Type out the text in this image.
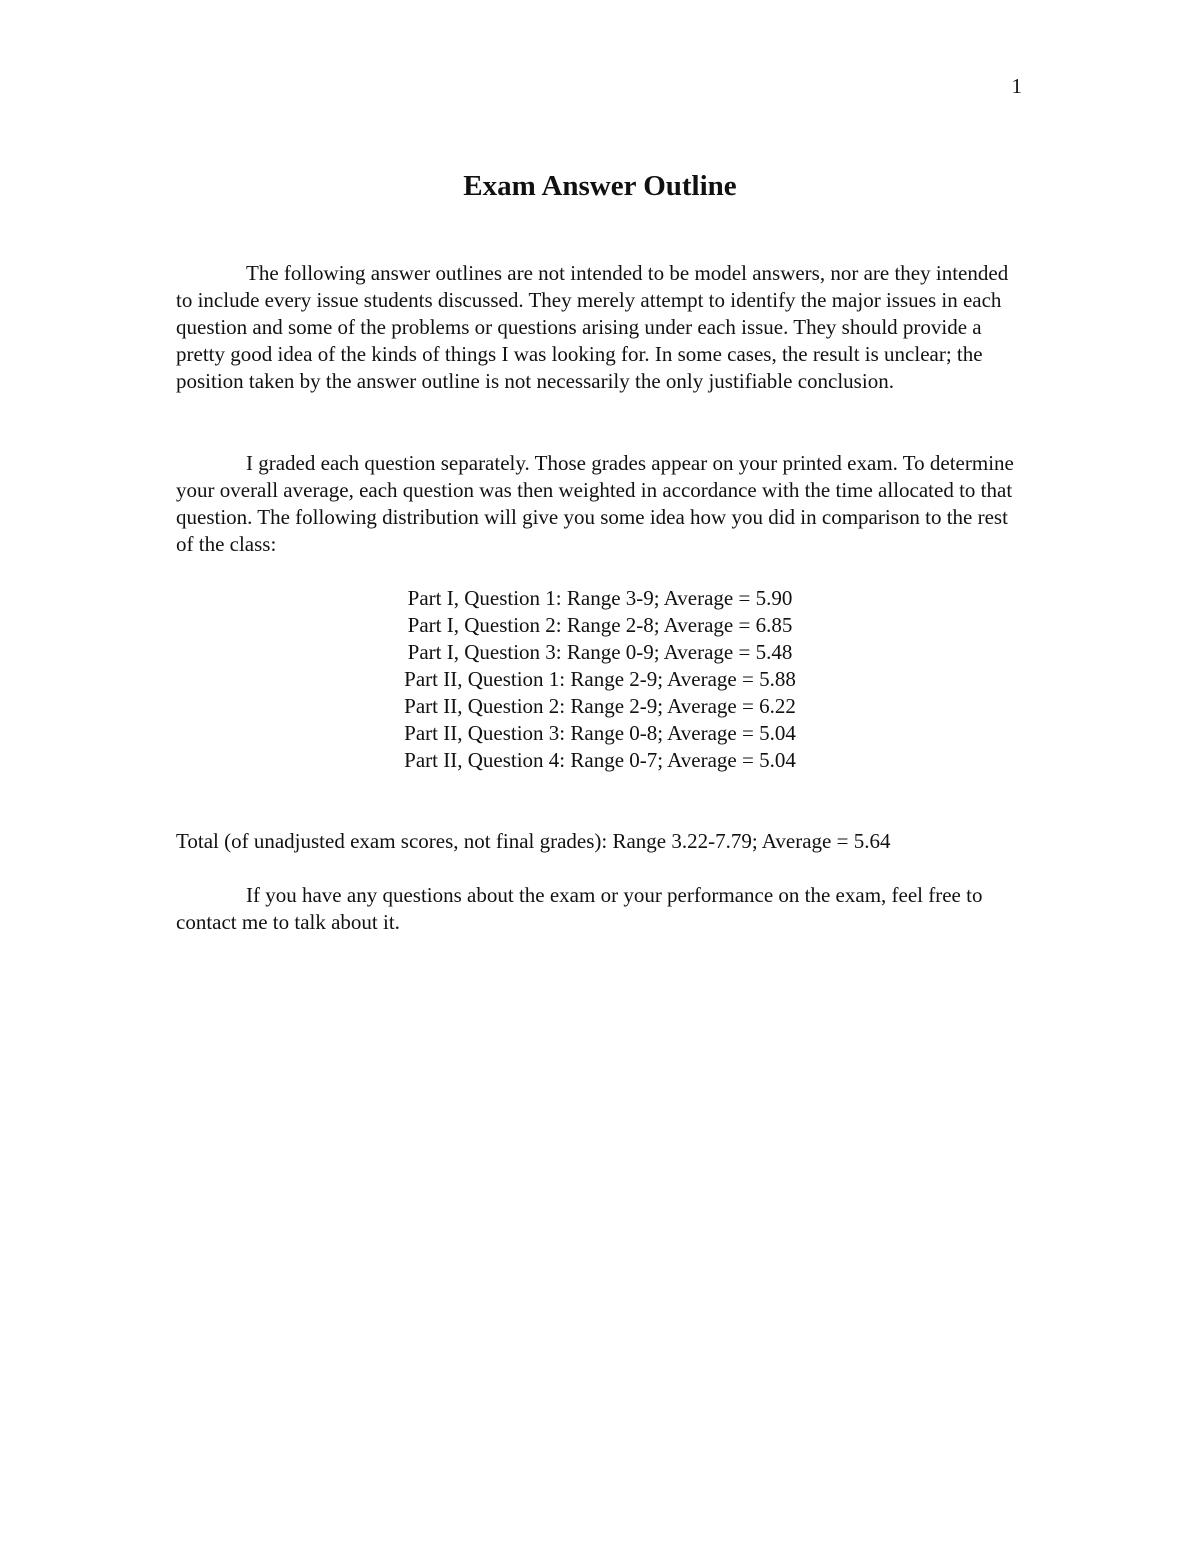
1
Exam Answer Outline

The following answer outlines are not intended to be model answers, nor are they intended to include every issue students discussed. They merely attempt to identify the major issues in each question and some of the problems or questions arising under each issue. They should provide a pretty good idea of the kinds of things I was looking for. In some cases, the result is unclear; the position taken by the answer outline is not necessarily the only justifiable conclusion.

I graded each question separately. Those grades appear on your printed exam. To determine your overall average, each question was then weighted in accordance with the time allocated to that question. The following distribution will give you some idea how you did in comparison to the rest of the class:

Part I, Question 1: Range 3-9; Average = 5.90
Part I, Question 2: Range 2-8; Average = 6.85
Part I, Question 3: Range 0-9; Average = 5.48
Part II, Question 1: Range 2-9; Average = 5.88
Part II, Question 2: Range 2-9; Average = 6.22
Part II, Question 3: Range 0-8; Average = 5.04
Part II, Question 4: Range 0-7; Average = 5.04

Total (of unadjusted exam scores, not final grades): Range 3.22-7.79; Average = 5.64

If you have any questions about the exam or your performance on the exam, feel free to contact me to talk about it.
